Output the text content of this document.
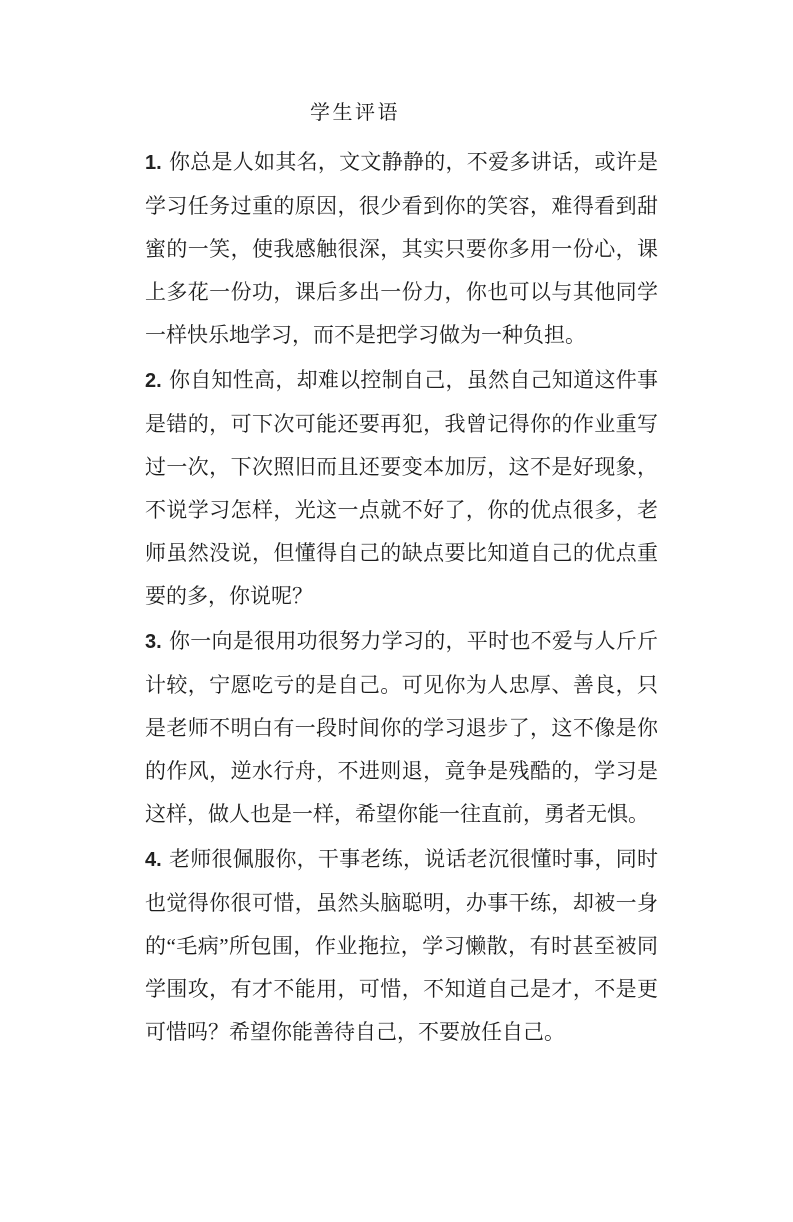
学生评语

1. 你总是人如其名，文文静静的，不爱多讲话，或许是学习任务过重的原因，很少看到你的笑容，难得看到甜蜜的一笑，使我感触很深，其实只要你多用一份心，课上多花一份功，课后多出一份力，你也可以与其他同学一样快乐地学习，而不是把学习做为一种负担。

2. 你自知性高，却难以控制自己，虽然自己知道这件事是错的，可下次可能还要再犯，我曾记得你的作业重写过一次，下次照旧而且还要变本加厉，这不是好现象，不说学习怎样，光这一点就不好了，你的优点很多，老师虽然没说，但懂得自己的缺点要比知道自己的优点重要的多，你说呢？

3. 你一向是很用功很努力学习的，平时也不爱与人斤斤计较，宁愿吃亏的是自己。可见你为人忠厚、善良，只是老师不明白有一段时间你的学习退步了，这不像是你的作风，逆水行舟，不进则退，竟争是残酷的，学习是这样，做人也是一样，希望你能一往直前，勇者无惧。

4. 老师很佩服你，干事老练，说话老沉很懂时事，同时也觉得你很可惜，虽然头脑聪明，办事干练，却被一身的“毛病”所包围，作业拖拉，学习懒散，有时甚至被同学围攻，有才不能用，可惜，不知道自己是才，不是更可惜吗？希望你能善待自己，不要放任自己。
